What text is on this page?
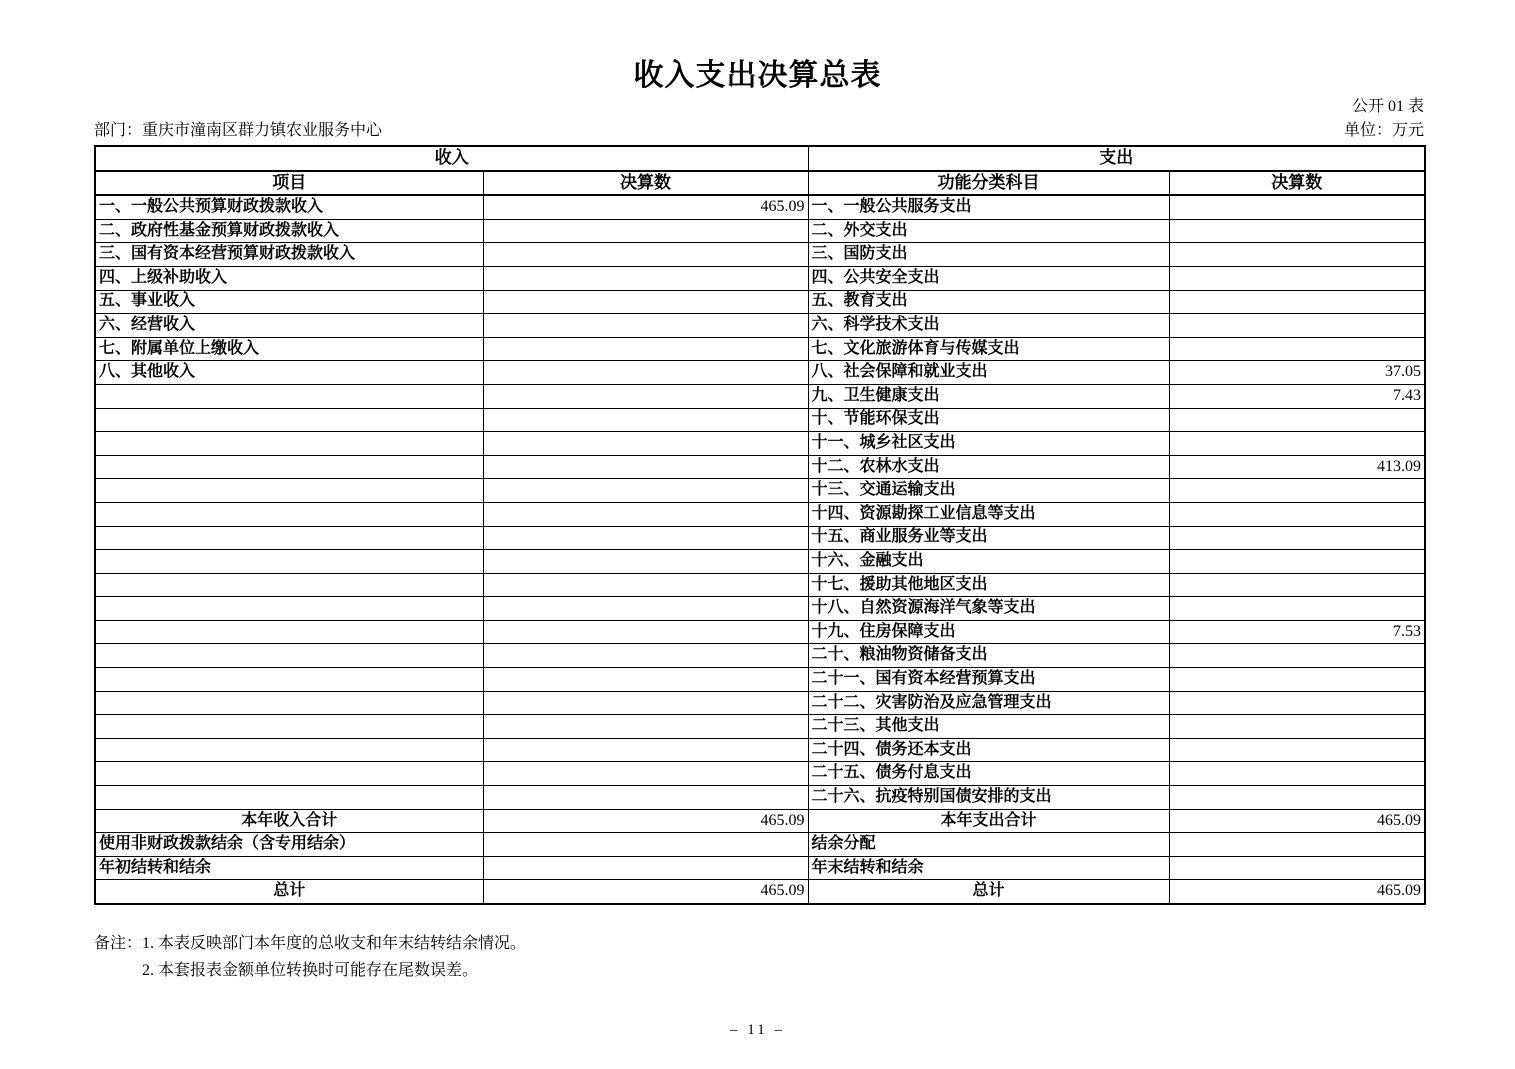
收入支出决算总表
公开 01 表
部门：重庆市潼南区群力镇农业服务中心	单位：万元
收入		支出	
项目	决算数	功能分类科目	决算数
一、一般公共预算财政拨款收入	465.09	一、一般公共服务支出	
二、政府性基金预算财政拨款收入		二、外交支出	
三、国有资本经营预算财政拨款收入		三、国防支出	
四、上级补助收入		四、公共安全支出	
五、事业收入		五、教育支出	
六、经营收入		六、科学技术支出	
七、附属单位上缴收入		七、文化旅游体育与传媒支出	
八、其他收入		八、社会保障和就业支出	37.05
		九、卫生健康支出	7.43
		十、节能环保支出	
		十一、城乡社区支出	
		十二、农林水支出	413.09
		十三、交通运输支出	
		十四、资源勘探工业信息等支出	
		十五、商业服务业等支出	
		十六、金融支出	
		十七、援助其他地区支出	
		十八、自然资源海洋气象等支出	
		十九、住房保障支出	7.53
		二十、粮油物资储备支出	
		二十一、国有资本经营预算支出	
		二十二、灾害防治及应急管理支出	
		二十三、其他支出	
		二十四、债务还本支出	
		二十五、债务付息支出	
		二十六、抗疫特别国债安排的支出	
本年收入合计	465.09	本年支出合计	465.09
使用非财政拨款结余（含专用结余）		结余分配	
年初结转和结余		年末结转和结余	
总计	465.09	总计	465.09
备注： 1. 本表反映部门本年度的总收支和年末结转结余情况。
2. 本套报表金额单位转换时可能存在尾数误差。
– 11 –
